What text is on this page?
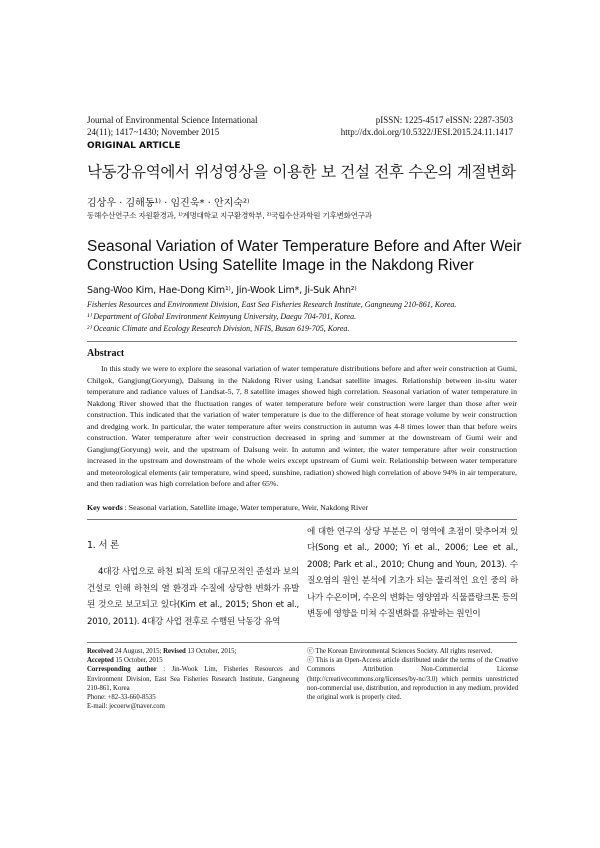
Journal of Environmental Science International
24(11); 1417~1430; November 2015
pISSN: 1225-4517 eISSN: 2287-3503
http://dx.doi.org/10.5322/JESI.2015.24.11.1417
ORIGINAL ARTICLE
낙동강유역에서 위성영상을 이용한 보 건설 전후 수온의 계절변화
김상우 · 김해동¹⁾ · 임진욱* · 안지숙²⁾
동해수산연구소 자원환경과, ¹⁾계명대학교 지구환경학부, ²⁾국립수산과학원 기후변화연구과
Seasonal Variation of Water Temperature Before and After Weir Construction Using Satellite Image in the Nakdong River
Sang-Woo Kim, Hae-Dong Kim¹⁾, Jin-Wook Lim*, Ji-Suk Ahn²⁾
Fisheries Resources and Environment Division, East Sea Fisheries Research Institute, Gangneung 210-861, Korea.
¹⁾ Department of Global Environment Keimyung University, Daegu 704-701, Korea.
²⁾ Oceanic Climate and Ecology Research Division, NFIS, Busan 619-705, Korea.
Abstract
In this study we were to explore the seasonal variation of water temperature distributions before and after weir construction at Gumi, Chilgok, Gangjung(Goryung), Dalsung in the Nakdong River using Landsat satellite images. Relationship between in-situ water temperature and radiance values of Landsat-5, 7, 8 satellite images showed high correlation. Seasonal variation of water temperature in Nakdong River showed that the fluctuation ranges of water temperature before weir construction were larger than those after weir construction. This indicated that the variation of water temperature is due to the difference of heat storage volume by weir construction and dredging work. In particular, the water temperature after weirs construction in autumn was 4-8 times lower than that before weirs construction. Water temperature after weir construction decreased in spring and summer at the downstream of Gumi weir and Gangjung(Goryung) weir, and the upstream of Dalsung weir. In autumn and winter, the water temperature after weir construction increased in the upstream and downstream of the whole weirs except upstream of Gumi weir. Relationship between water temperature and meteorological elements (air temperature, wind speed, sunshine, radiation) showed high correlation of above 94% in air temperature, and then radiation was high correlation before and after 65%.
Key words : Seasonal variation, Satellite image, Water temperature, Weir, Nakdong River
1. 서 론
4대강 사업으로 하천 퇴적 토의 대규모적인 준설과 보의 건설로 인해 하천의 열 환경과 수질에 상당한 변화가 유발된 것으로 보고되고 있다(Kim et al., 2015; Shon et al., 2010, 2011). 4대강 사업 전후로 수행된 낙동강 유역
에 대한 연구의 상당 부분은 이 영역에 초점이 맞추어져 있다(Song et al., 2000; Yi et al., 2006; Lee et al., 2008; Park et al., 2010; Chung and Youn, 2013). 수질오염의 원인 분석에 기초가 되는 물리적인 요인 중의 하나가 수온이며, 수온의 변화는 영양염과 식물플랑크톤 등의 변동에 영향을 미쳐 수질변화를 유발하는 원인이
Received 24 August, 2015; Revised 13 October, 2015;
Accepted 15 October, 2015
Corresponding author : Jin-Wook Lim, Fisheries Resources and Environment Division, East Sea Fisheries Research Institute, Gangneung 210-861, Korea
Phone: +82-33-660-8535
E-mail: jecoerw@naver.com
ⓒ The Korean Environmental Sciences Society. All rights reserved.
ⓒ This is an Open-Access article distributed under the terms of the Creative Commons Attribution Non-Commercial License (http://creativecommons.org/licenses/by-nc/3.0) which permits unrestricted non-commercial use, distribution, and reproduction in any medium, provided the original work is properly cited.
